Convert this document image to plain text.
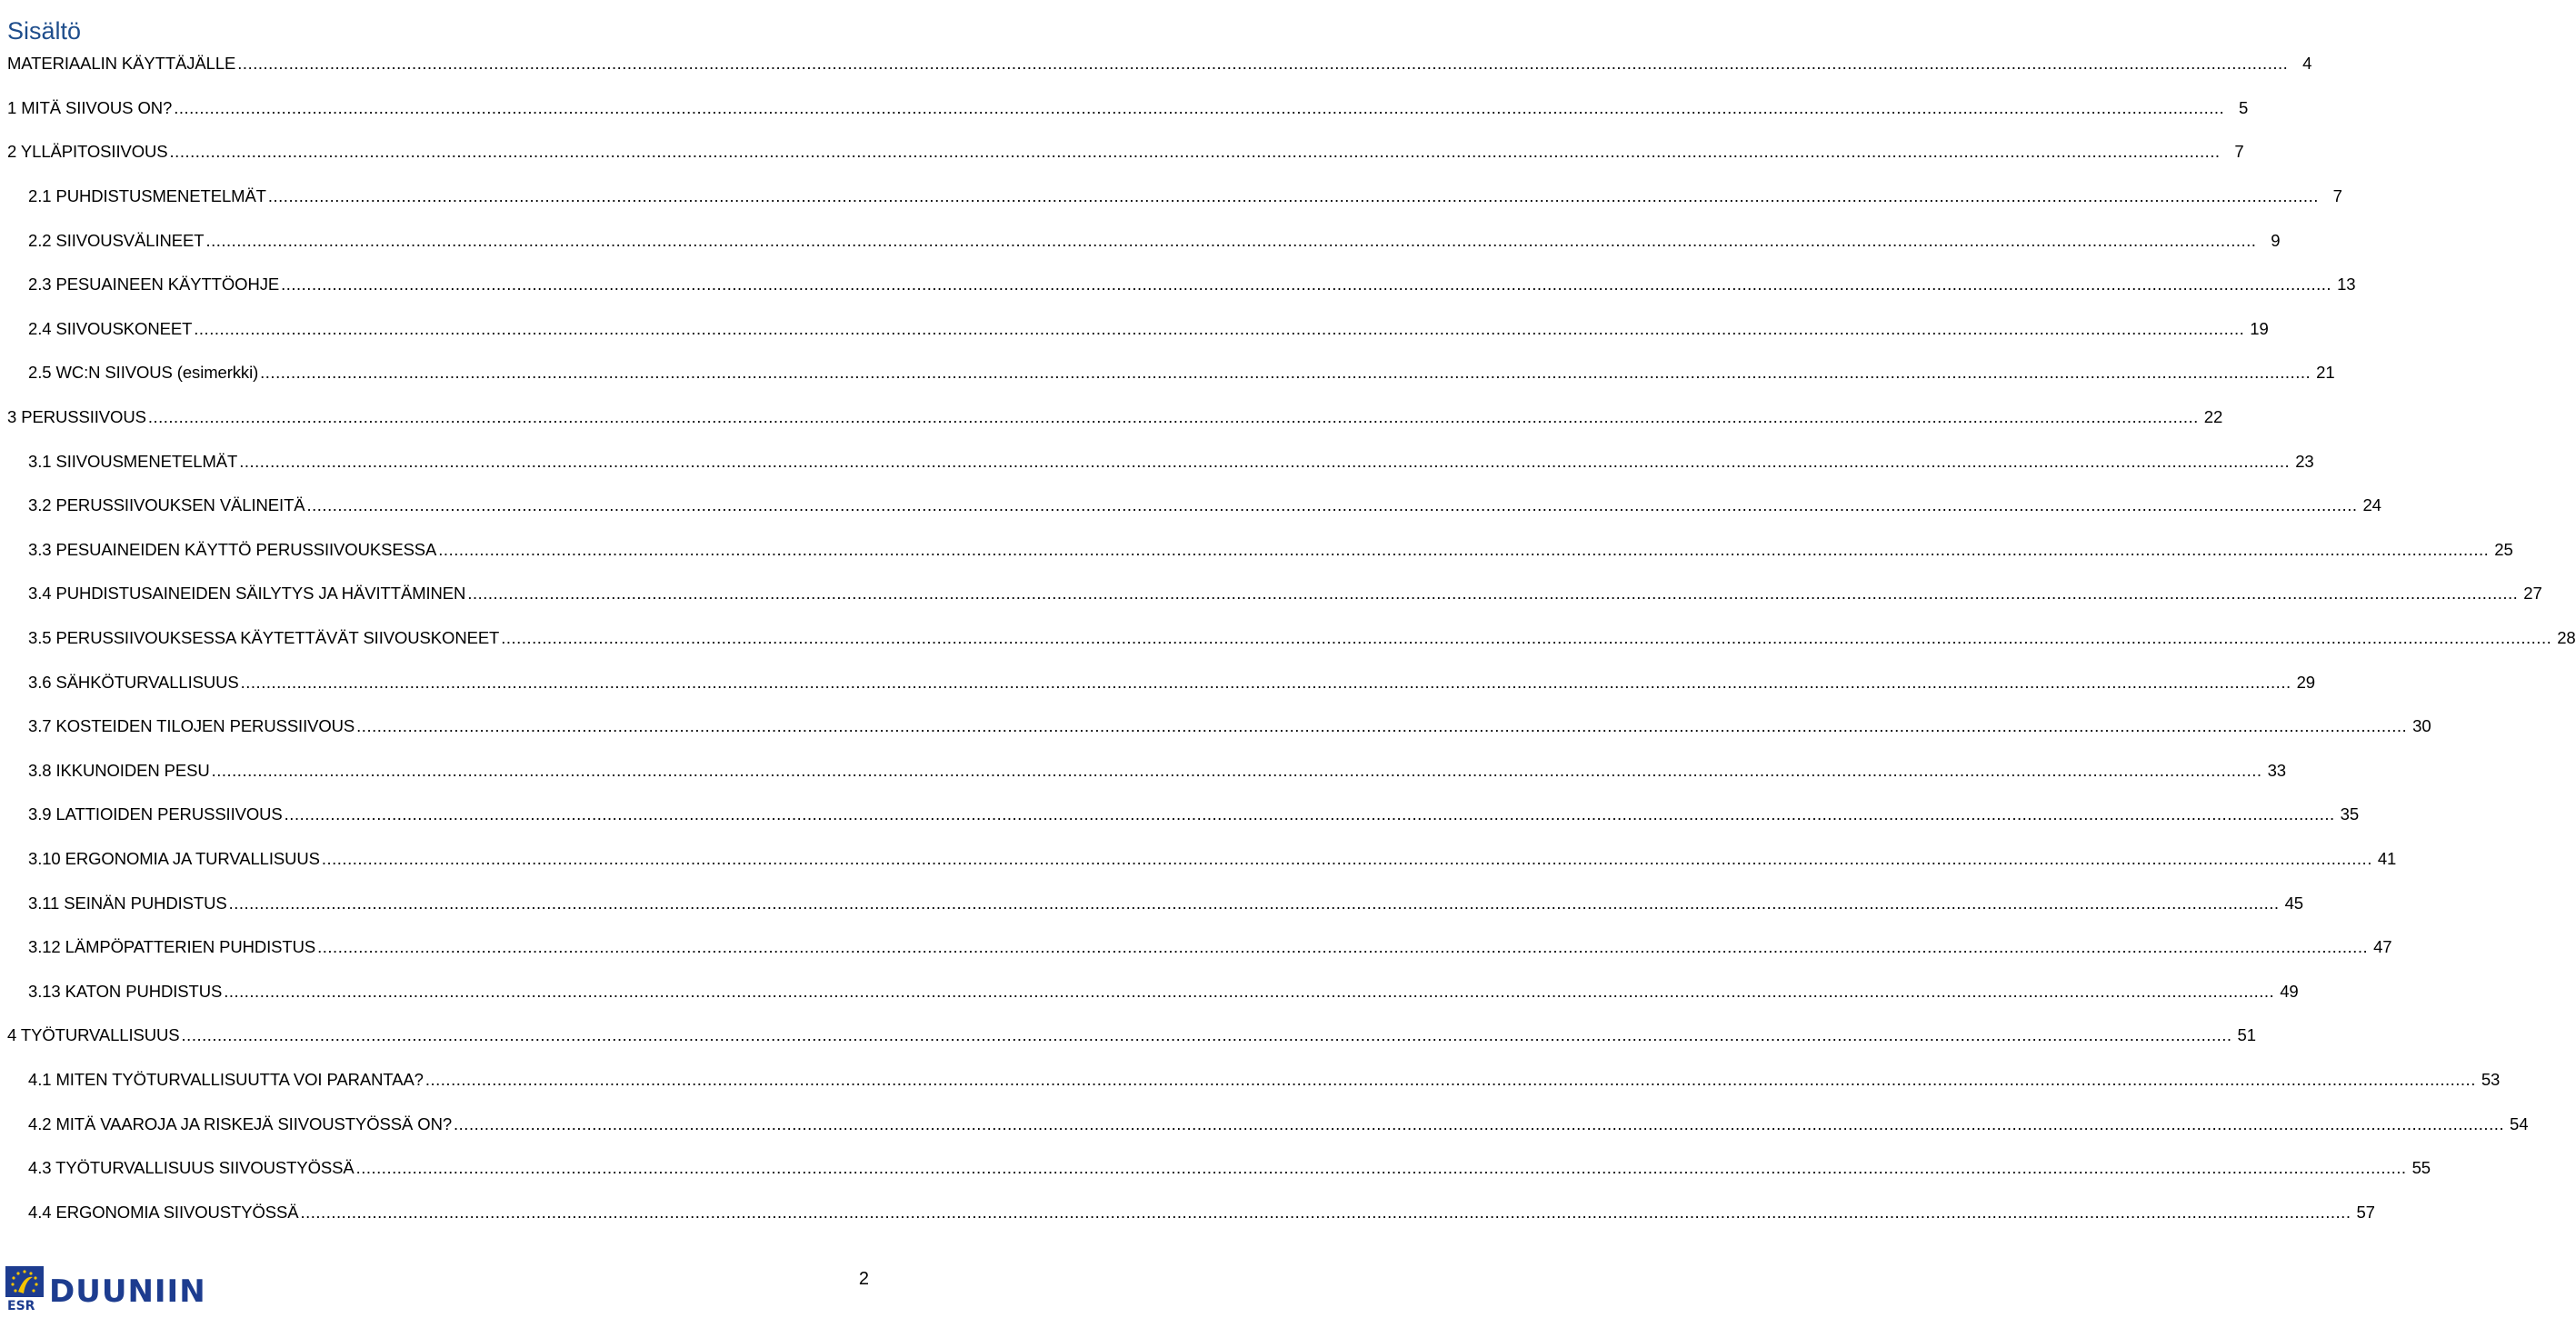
Sisältö
MATERIAALIN KÄYTTÄJÄLLE ................................................................................................................................................................................................................................................................................................................................................................................................................ 4
1 MITÄ SIIVOUS ON? ................................................................................................................................................................................................................................................................................................................................................................................................................ 5
2 YLLÄPITOSIIVOUS ................................................................................................................................................................................................................................................................................................................................................................................................................ 7
2.1 PUHDISTUSMENETELMÄT ................................................................................................................................................................................................................................................................................................................................................................................................................ 7
2.2 SIIVOUSVÄLINEET ................................................................................................................................................................................................................................................................................................................................................................................................................ 9
2.3 PESUAINEEN KÄYTTÖOHJE ................................................................................................................................................................................................................................................................................................................................................................................................................ 13
2.4 SIIVOUSKONEET ................................................................................................................................................................................................................................................................................................................................................................................................................ 19
2.5 WC:N SIIVOUS (esimerkki) ................................................................................................................................................................................................................................................................................................................................................................................................................ 21
3 PERUSSIIVOUS ................................................................................................................................................................................................................................................................................................................................................................................................................ 22
3.1 SIIVOUSMENETELMÄT ................................................................................................................................................................................................................................................................................................................................................................................................................ 23
3.2 PERUSSIIVOUKSEN VÄLINEITÄ ................................................................................................................................................................................................................................................................................................................................................................................................................ 24
3.3 PESUAINEIDEN KÄYTTÖ PERUSSIIVOUKSESSA ................................................................................................................................................................................................................................................................................................................................................................................................................ 25
3.4 PUHDISTUSAINEIDEN SÄILYTYS JA HÄVITTÄMINEN ................................................................................................................................................................................................................................................................................................................................................................................................................ 27
3.5 PERUSSIIVOUKSESSA KÄYTETTÄVÄT SIIVOUSKONEET ................................................................................................................................................................................................................................................................................................................................................................................................................ 28
3.6 SÄHKÖTURVALLISUUS ................................................................................................................................................................................................................................................................................................................................................................................................................ 29
3.7 KOSTEIDEN TILOJEN PERUSSIIVOUS ................................................................................................................................................................................................................................................................................................................................................................................................................ 30
3.8 IKKUNOIDEN PESU ................................................................................................................................................................................................................................................................................................................................................................................................................ 33
3.9 LATTIOIDEN PERUSSIIVOUS ................................................................................................................................................................................................................................................................................................................................................................................................................ 35
3.10 ERGONOMIA JA TURVALLISUUS ................................................................................................................................................................................................................................................................................................................................................................................................................ 41
3.11 SEINÄN PUHDISTUS ................................................................................................................................................................................................................................................................................................................................................................................................................ 45
3.12 LÄMPÖPATTERIEN PUHDISTUS ................................................................................................................................................................................................................................................................................................................................................................................................................ 47
3.13 KATON PUHDISTUS ................................................................................................................................................................................................................................................................................................................................................................................................................ 49
4 TYÖTURVALLISUUS ................................................................................................................................................................................................................................................................................................................................................................................................................ 51
4.1 MITEN TYÖTURVALLISUUTTA VOI PARANTAA? ................................................................................................................................................................................................................................................................................................................................................................................................................ 53
4.2 MITÄ VAAROJA JA RISKEJÄ SIIVOUSTYÖSSÄ ON? ................................................................................................................................................................................................................................................................................................................................................................................................................ 54
4.3 TYÖTURVALLISUUS SIIVOUSTYÖSSÄ ................................................................................................................................................................................................................................................................................................................................................................................................................ 55
4.4 ERGONOMIA SIIVOUSTYÖSSÄ ................................................................................................................................................................................................................................................................................................................................................................................................................ 57
ESR DUUNIIN	2
